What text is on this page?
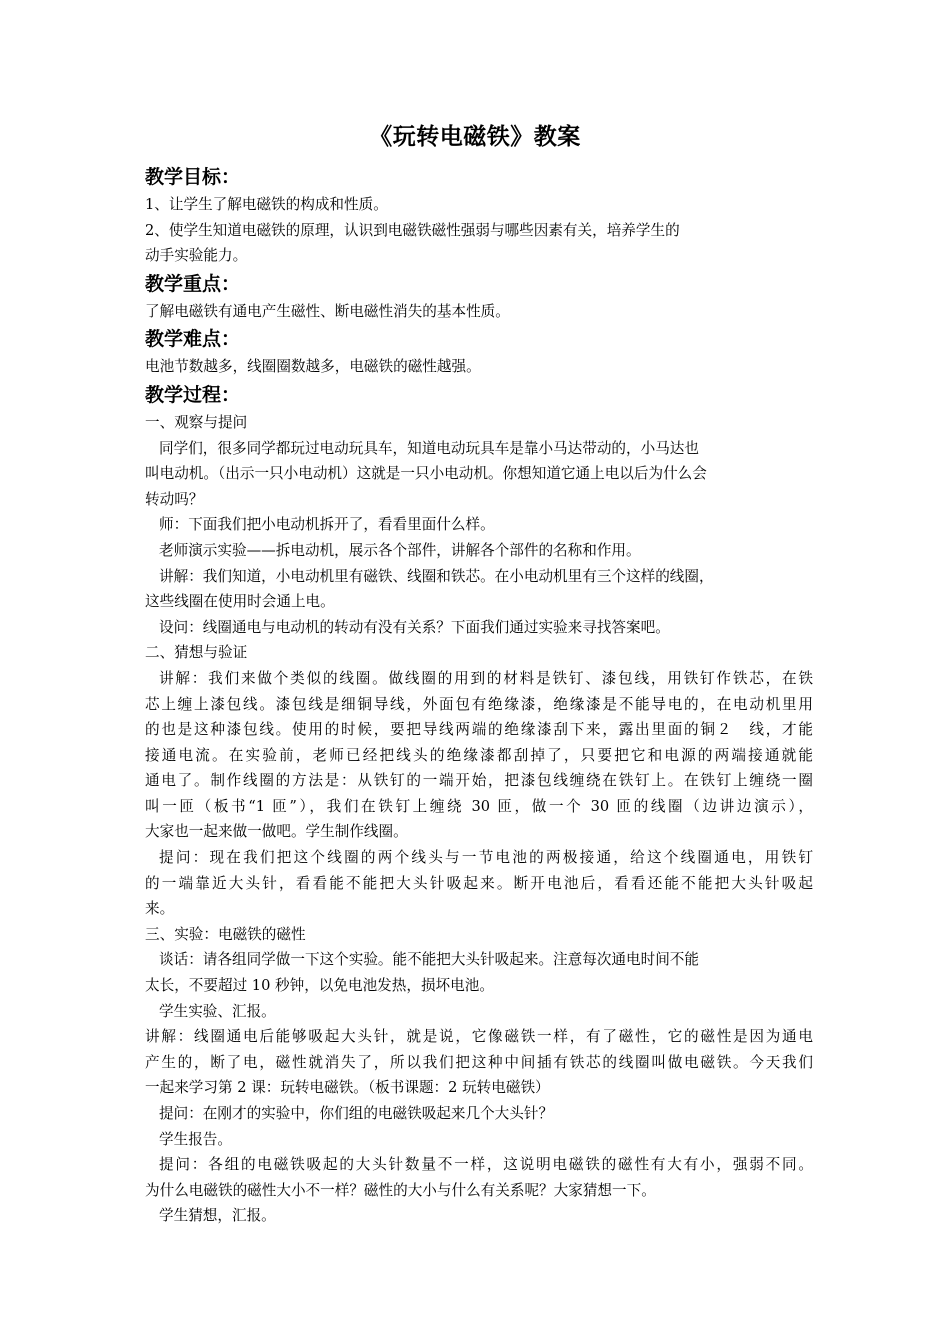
《玩转电磁铁》教案
教学目标：
1、让学生了解电磁铁的构成和性质。
2、使学生知道电磁铁的原理，认识到电磁铁磁性强弱与哪些因素有关，培养学生的
动手实验能力。
教学重点：
了解电磁铁有通电产生磁性、断电磁性消失的基本性质。
教学难点：
电池节数越多，线圈圈数越多，电磁铁的磁性越强。
教学过程：
一、观察与提问
同学们，很多同学都玩过电动玩具车，知道电动玩具车是靠小马达带动的，小马达也
叫电动机。（出示一只小电动机）这就是一只小电动机。你想知道它通上电以后为什么会
转动吗？
师：下面我们把小电动机拆开了，看看里面什么样。
老师演示实验——拆电动机，展示各个部件，讲解各个部件的名称和作用。
讲解：我们知道，小电动机里有磁铁、线圈和铁芯。在小电动机里有三个这样的线圈，
这些线圈在使用时会通上电。
设问：线圈通电与电动机的转动有没有关系？下面我们通过实验来寻找答案吧。
二、猜想与验证
讲解：我们来做个类似的线圈。做线圈的用到的材料是铁钉、漆包线，用铁钉作铁芯，在铁
芯上缠上漆包线。漆包线是细铜导线，外面包有绝缘漆，绝缘漆是不能导电的，在电动机里用
的也是这种漆包线。使用的时候，要把导线两端的绝缘漆刮下来，露出里面的铜２　线，才能
接通电流。在实验前，老师已经把线头的绝缘漆都刮掉了，只要把它和电源的两端接通就能
通电了。制作线圈的方法是：从铁钉的一端开始，把漆包线缠绕在铁钉上。在铁钉上缠绕一圈
叫一匝（板书“1 匝”），我们在铁钉上缠绕 30 匝，做一个 30 匝的线圈（边讲边演示），
大家也一起来做一做吧。学生制作线圈。
提问：现在我们把这个线圈的两个线头与一节电池的两极接通，给这个线圈通电，用铁钉
的一端靠近大头针，看看能不能把大头针吸起来。断开电池后，看看还能不能把大头针吸起
来。
三、实验：电磁铁的磁性
谈话：请各组同学做一下这个实验。能不能把大头针吸起来。注意每次通电时间不能
太长，不要超过 10 秒钟，以免电池发热，损坏电池。
学生实验、汇报。
讲解：线圈通电后能够吸起大头针，就是说，它像磁铁一样，有了磁性，它的磁性是因为通电
产生的，断了电，磁性就消失了，所以我们把这种中间插有铁芯的线圈叫做电磁铁。今天我们
一起来学习第 2 课：玩转电磁铁。（板书课题：2 玩转电磁铁）
提问：在刚才的实验中，你们组的电磁铁吸起来几个大头针？
学生报告。
提问：各组的电磁铁吸起的大头针数量不一样，这说明电磁铁的磁性有大有小，强弱不同。
为什么电磁铁的磁性大小不一样？磁性的大小与什么有关系呢？大家猜想一下。
学生猜想，汇报。
